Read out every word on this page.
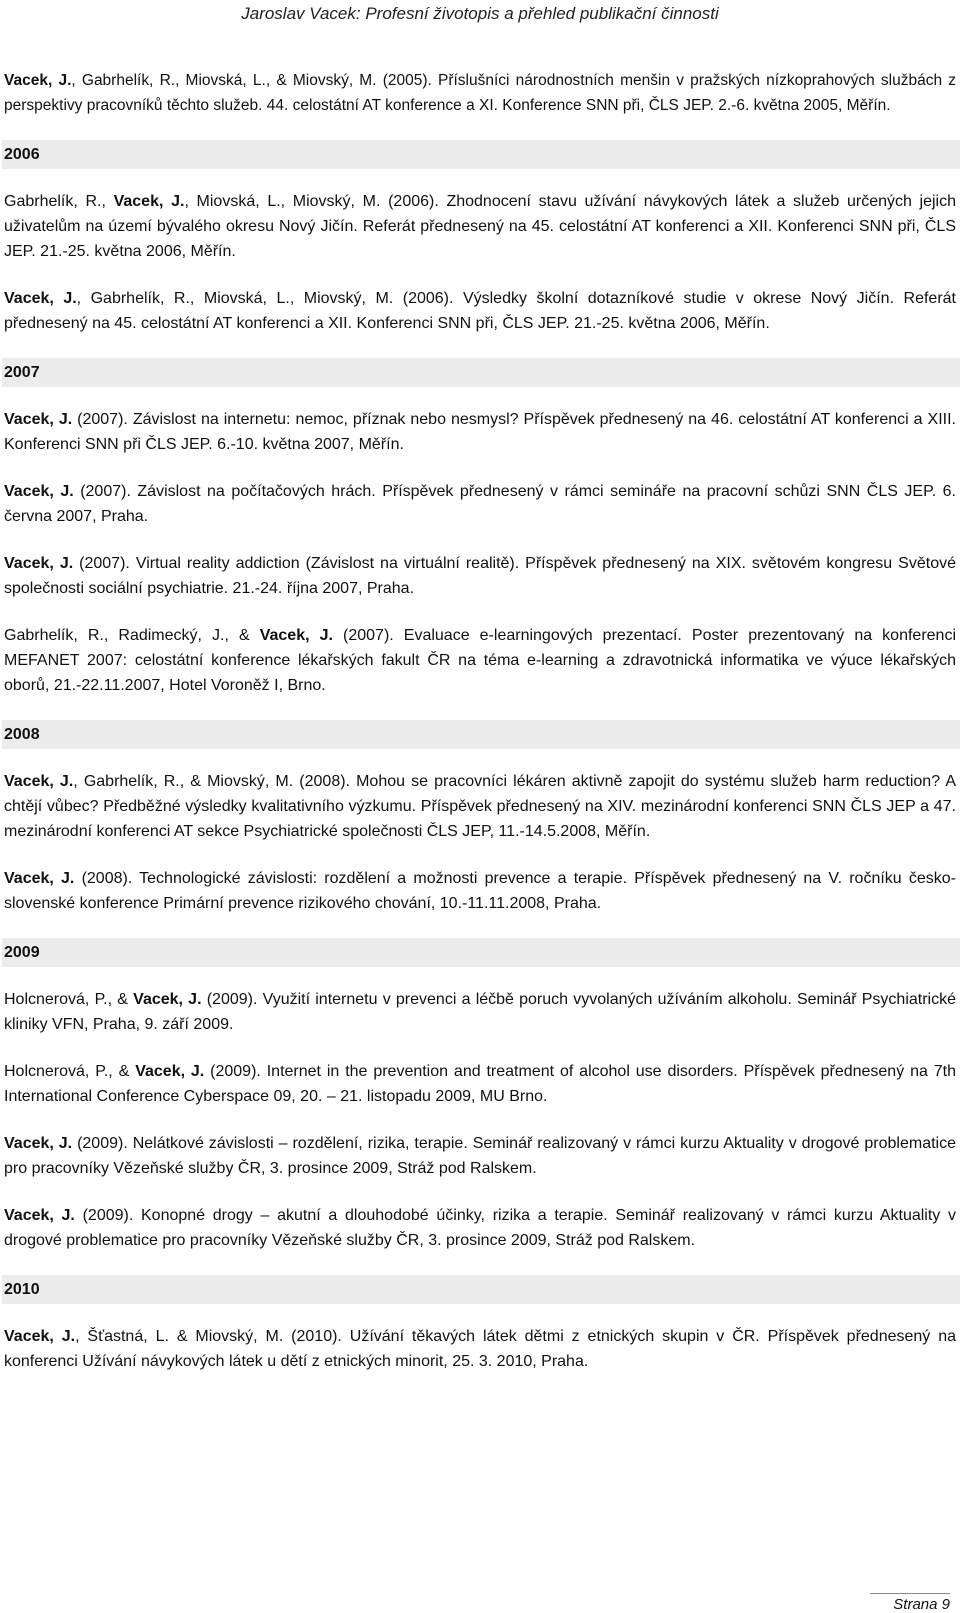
Jaroslav Vacek: Profesní životopis a přehled publikační činnosti

Vacek, J., Gabrhelík, R., Miovská, L., & Miovský, M. (2005). Příslušníci národnostních menšin v pražských nízkoprahových službách z perspektivy pracovníků těchto služeb. 44. celostátní AT konference a XI. Konference SNN při, ČLS JEP. 2.-6. května 2005, Měřín.

2006

Gabrhelík, R., Vacek, J., Miovská, L., Miovský, M. (2006). Zhodnocení stavu užívání návykových látek a služeb určených jejich uživatelům na území bývalého okresu Nový Jičín. Referát přednesený na 45. celostátní AT konferenci a XII. Konferenci SNN při, ČLS JEP. 21.-25. května 2006, Měřín.

Vacek, J., Gabrhelík, R., Miovská, L., Miovský, M. (2006). Výsledky školní dotazníkové studie v okrese Nový Jičín. Referát přednesený na 45. celostátní AT konferenci a XII. Konferenci SNN při, ČLS JEP. 21.-25. května 2006, Měřín.

2007

Vacek, J. (2007). Závislost na internetu: nemoc, příznak nebo nesmysl? Příspěvek přednesený na 46. celostátní AT konferenci a XIII. Konferenci SNN při ČLS JEP. 6.-10. května 2007, Měřín.

Vacek, J. (2007). Závislost na počítačových hrách. Příspěvek přednesený v rámci semináře na pracovní schůzi SNN ČLS JEP. 6. června 2007, Praha.

Vacek, J. (2007). Virtual reality addiction (Závislost na virtuální realitě). Příspěvek přednesený na XIX. světovém kongresu Světové společnosti sociální psychiatrie. 21.-24. října 2007, Praha.

Gabrhelík, R., Radimecký, J., & Vacek, J. (2007). Evaluace e-learningových prezentací. Poster prezentovaný na konferenci MEFANET 2007: celostátní konference lékařských fakult ČR na téma e-learning a zdravotnická informatika ve výuce lékařských oborů, 21.-22.11.2007, Hotel Voroněž I, Brno.

2008

Vacek, J., Gabrhelík, R., & Miovský, M. (2008). Mohou se pracovníci lékáren aktivně zapojit do systému služeb harm reduction? A chtějí vůbec? Předběžné výsledky kvalitativního výzkumu. Příspěvek přednesený na XIV. mezinárodní konferenci SNN ČLS JEP a 47. mezinárodní konferenci AT sekce Psychiatrické společnosti ČLS JEP, 11.-14.5.2008, Měřín.

Vacek, J. (2008). Technologické závislosti: rozdělení a možnosti prevence a terapie. Příspěvek přednesený na V. ročníku česko-slovenské konference Primární prevence rizikového chování, 10.-11.11.2008, Praha.

2009

Holcnerová, P., & Vacek, J. (2009). Využití internetu v prevenci a léčbě poruch vyvolaných užíváním alkoholu. Seminář Psychiatrické kliniky VFN, Praha, 9. září 2009.

Holcnerová, P., & Vacek, J. (2009). Internet in the prevention and treatment of alcohol use disorders. Příspěvek přednesený na 7th International Conference Cyberspace 09, 20. – 21. listopadu 2009, MU Brno.

Vacek, J. (2009). Nelátkové závislosti – rozdělení, rizika, terapie. Seminář realizovaný v rámci kurzu Aktuality v drogové problematice pro pracovníky Vězeňské služby ČR, 3. prosince 2009, Stráž pod Ralskem.

Vacek, J. (2009). Konopné drogy – akutní a dlouhodobé účinky, rizika a terapie. Seminář realizovaný v rámci kurzu Aktuality v drogové problematice pro pracovníky Vězeňské služby ČR, 3. prosince 2009, Stráž pod Ralskem.

2010

Vacek, J., Šťastná, L. & Miovský, M. (2010). Užívání těkavých látek dětmi z etnických skupin v ČR. Příspěvek přednesený na konferenci Užívání návykových látek u dětí z etnických minorit, 25. 3. 2010, Praha.

Strana 9
